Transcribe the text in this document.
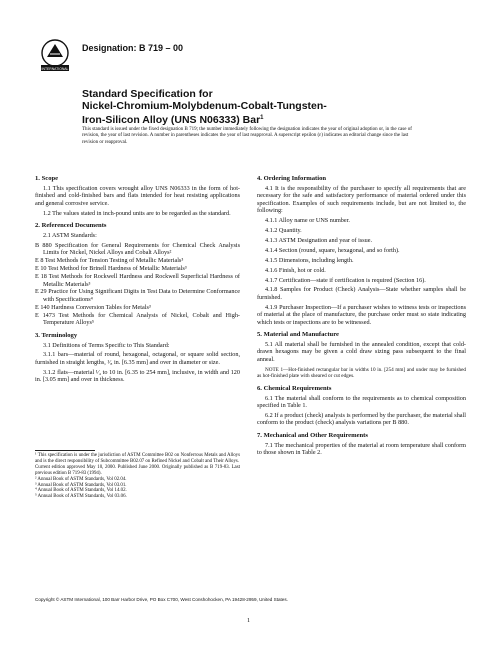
INTERNATIONAL
Designation: B 719 – 00
Standard Specification for
Nickel-Chromium-Molybdenum-Cobalt-Tungsten-
Iron-Silicon Alloy (UNS N06333) Bar$^1$
This standard is issued under the fixed designation B 719; the number immediately following the designation indicates the year of original adoption or, in the case of revision, the year of last revision. A number in parentheses indicates the year of last reapproval. A superscript epsilon (ε) indicates an editorial change since the last revision or reapproval.
1. Scope

1.1 This specification covers wrought alloy UNS N06333 in the form of hot-finished and cold-finished bars and flats intended for heat resisting applications and general corrosive service.

1.2 The values stated in inch-pound units are to be regarded as the standard.

2. Referenced Documents

2.1 ASTM Standards:

B 880 Specification for General Requirements for Chemical Check Analysis Limits for Nickel, Nickel Alloys and Cobalt Alloys²

E 8 Test Methods for Tension Testing of Metallic Materials³

E 10 Test Method for Brinell Hardness of Metallic Materials³

E 18 Test Methods for Rockwell Hardness and Rockwell Superficial Hardness of Metallic Materials³

E 29 Practice for Using Significant Digits in Test Data to Determine Conformance with Specifications⁴

E 140 Hardness Conversion Tables for Metals³

E 1473 Test Methods for Chemical Analysis of Nickel, Cobalt and High-Temperature Alloys⁵

3. Terminology

3.1 Definitions of Terms Specific to This Standard:

3.1.1 bars—material of round, hexagonal, octagonal, or square solid section, furnished in straight lengths, ¹⁄₈ in. [6.35 mm] and over in diameter or size.

3.1.2 flats—material ¹⁄₄ to 10 in. [6.35 to 254 mm], inclusive, in width and 120 in. [3.05 mm] and over in thickness.

¹ This specification is under the jurisdiction of ASTM Committee B02 on Nonferrous Metals and Alloys and is the direct responsibility of Subcommittee B02.07 on Refined Nickel and Cobalt and Their Alloys.

Current edition approved May 10, 2000. Published June 2000. Originally published as B 719-83. Last previous edition B 719-83 (1994).

² Annual Book of ASTM Standards, Vol 02.04.

³ Annual Book of ASTM Standards, Vol 03.01.

⁴ Annual Book of ASTM Standards, Vol 14.02.

⁵ Annual Book of ASTM Standards, Vol 03.06.

4. Ordering Information

4.1 It is the responsibility of the purchaser to specify all requirements that are necessary for the safe and satisfactory performance of material ordered under this specification. Examples of such requirements include, but are not limited to, the following:

4.1.1 Alloy name or UNS number.

4.1.2 Quantity.

4.1.3 ASTM Designation and year of issue.

4.1.4 Section (round, square, hexagonal, and so forth).

4.1.5 Dimensions, including length.

4.1.6 Finish, hot or cold.

4.1.7 Certification—state if certification is required (Section 16).

4.1.8 Samples for Product (Check) Analysis—State whether samples shall be furnished.

4.1.9 Purchaser Inspection—If a purchaser wishes to witness tests or inspections of material at the place of manufacture, the purchase order must so state indicating which tests or inspections are to be witnessed.

5. Material and Manufacture

5.1 All material shall be furnished in the annealed condition, except that cold-drawn hexagons may be given a cold draw sizing pass subsequent to the final anneal.

NOTE 1—Hot-finished rectangular bar in widths 10 in. [254 mm] and under may be furnished as hot-finished plate with sheared or cut edges.

6. Chemical Requirements

6.1 The material shall conform to the requirements as to chemical composition specified in Table 1.

6.2 If a product (check) analysis is performed by the purchaser, the material shall conform to the product (check) analysis variations per B 880.

7. Mechanical and Other Requirements

7.1 The mechanical properties of the material at room temperature shall conform to those shown in Table 2.

Copyright © ASTM International, 100 Barr Harbor Drive, PO Box C700, West Conshohocken, PA 19428-2959, United States.
1
